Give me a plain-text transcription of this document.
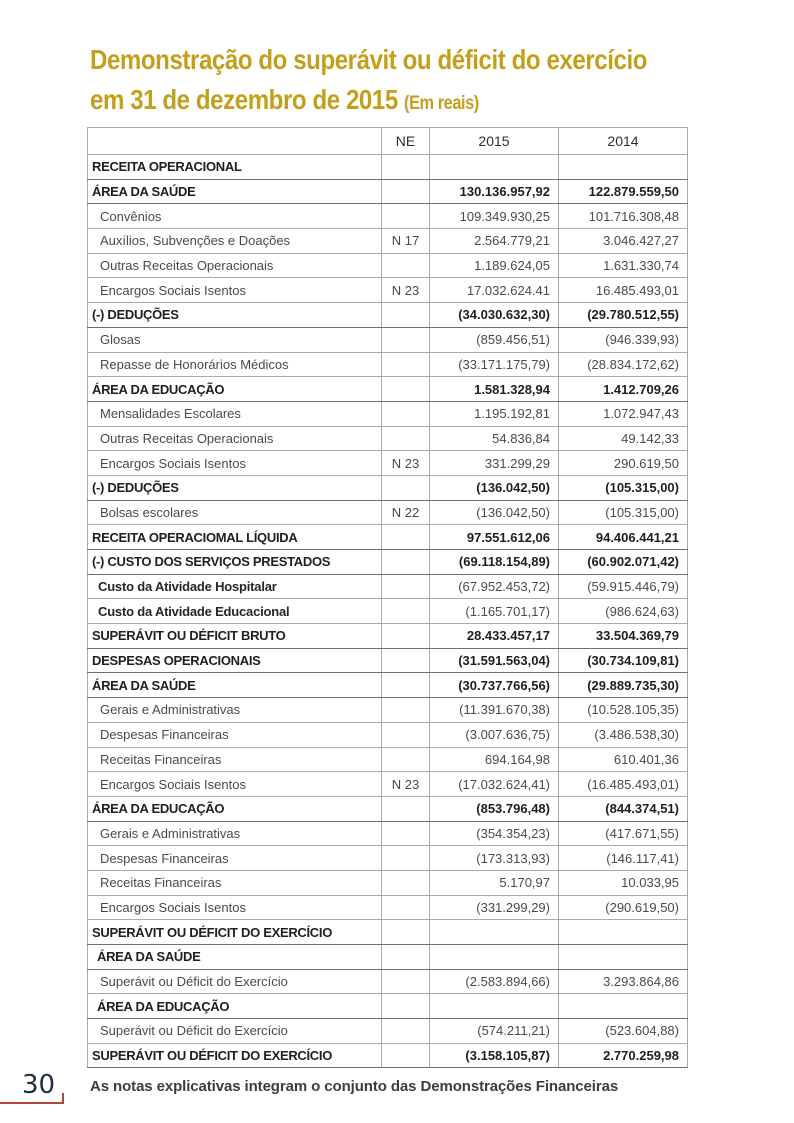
Demonstração do superávit ou déficit do exercício
em 31 de dezembro de 2015 (Em reais)
	NE	2015	2014
RECEITA OPERACIONAL			
ÁREA DA SAÚDE		130.136.957,92	122.879.559,50
Convênios		109.349.930,25	101.716.308,48
Auxílios, Subvenções e Doações	N 17	2.564.779,21	3.046.427,27
Outras Receitas Operacionais		1.189.624,05	1.631.330,74
Encargos Sociais Isentos	N 23	17.032.624.41	16.485.493,01
(-) DEDUÇÕES		(34.030.632,30)	(29.780.512,55)
Glosas		(859.456,51)	(946.339,93)
Repasse de Honorários Médicos		(33.171.175,79)	(28.834.172,62)
ÁREA DA EDUCAÇÃO		1.581.328,94	1.412.709,26
Mensalidades Escolares		1.195.192,81	1.072.947,43
Outras Receitas Operacionais		54.836,84	49.142,33
Encargos Sociais Isentos	N 23	331.299,29	290.619,50
(-) DEDUÇÕES		(136.042,50)	(105.315,00)
Bolsas escolares	N 22	(136.042,50)	(105.315,00)
RECEITA OPERACIOMAL LÍQUIDA		97.551.612,06	94.406.441,21
(-) CUSTO DOS SERVIÇOS PRESTADOS		(69.118.154,89)	(60.902.071,42)
Custo da Atividade Hospitalar		(67.952.453,72)	(59.915.446,79)
Custo da Atividade Educacional		(1.165.701,17)	(986.624,63)
SUPERÁVIT OU DÉFICIT BRUTO		28.433.457,17	33.504.369,79
DESPESAS OPERACIONAIS		(31.591.563,04)	(30.734.109,81)
ÁREA DA SAÚDE		(30.737.766,56)	(29.889.735,30)
Gerais e Administrativas		(11.391.670,38)	(10.528.105,35)
Despesas Financeiras		(3.007.636,75)	(3.486.538,30)
Receitas Financeiras		694.164,98	610.401,36
Encargos Sociais Isentos	N 23	(17.032.624,41)	(16.485.493,01)
ÁREA DA EDUCAÇÃO		(853.796,48)	(844.374,51)
Gerais e Administrativas		(354.354,23)	(417.671,55)
Despesas Financeiras		(173.313,93)	(146.117,41)
Receitas Financeiras		5.170,97	10.033,95
Encargos Sociais Isentos		(331.299,29)	(290.619,50)
SUPERÁVIT OU DÉFICIT DO EXERCÍCIO			
ÁREA DA SAÚDE			
Superávit ou Déficit do Exercício		(2.583.894,66)	3.293.864,86
ÁREA DA EDUCAÇÃO			
Superávit ou Déficit do Exercício		(574.211,21)	(523.604,88)
SUPERÁVIT OU DÉFICIT DO EXERCÍCIO		(3.158.105,87)	2.770.259,98
As notas explicativas integram o conjunto das Demonstrações Financeiras
30
